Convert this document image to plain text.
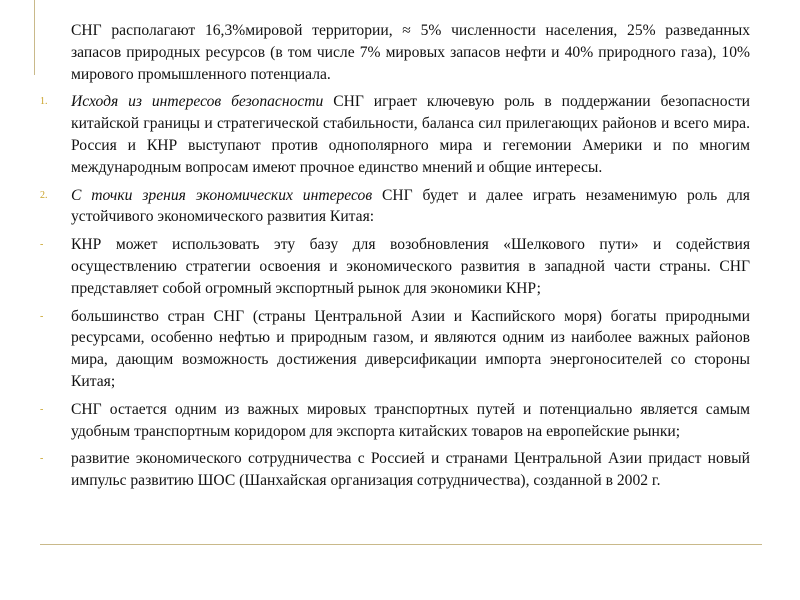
СНГ располагают 16,3%мировой территории, ≈ 5% численности населения, 25% разведанных запасов природных ресурсов (в том числе 7% мировых запасов нефти и 40% природного газа), 10% мирового промышленного потенциала.
1.	Исходя из интересов безопасности СНГ играет ключевую роль в поддержании безопасности китайской границы и стратегической стабильности, баланса сил прилегающих районов и всего мира. Россия и КНР выступают против однополярного мира и гегемонии Америки и по многим международным вопросам имеют прочное единство мнений и общие интересы.
2.	С точки зрения экономических интересов СНГ будет и далее играть незаменимую роль для устойчивого экономического развития Китая:
-	КНР может использовать эту базу для возобновления «Шелкового пути» и содействия осуществлению стратегии освоения и экономического развития в западной части страны. СНГ представляет собой огромный экспортный рынок для экономики КНР;
-	большинство стран СНГ (страны Центральной Азии и Каспийского моря) богаты природными ресурсами, особенно нефтью и природным газом, и являются одним из наиболее важных районов мира, дающим возможность достижения диверсификации импорта энергоносителей со стороны Китая;
-	СНГ остается одним из важных мировых транспортных путей и потенциально является самым удобным транспортным коридором для экспорта китайских товаров на европейские рынки;
-	развитие экономического сотрудничества с Россией и странами Центральной Азии придаст новый импульс развитию ШОС (Шанхайская организация сотрудничества), созданной в 2002 г.
